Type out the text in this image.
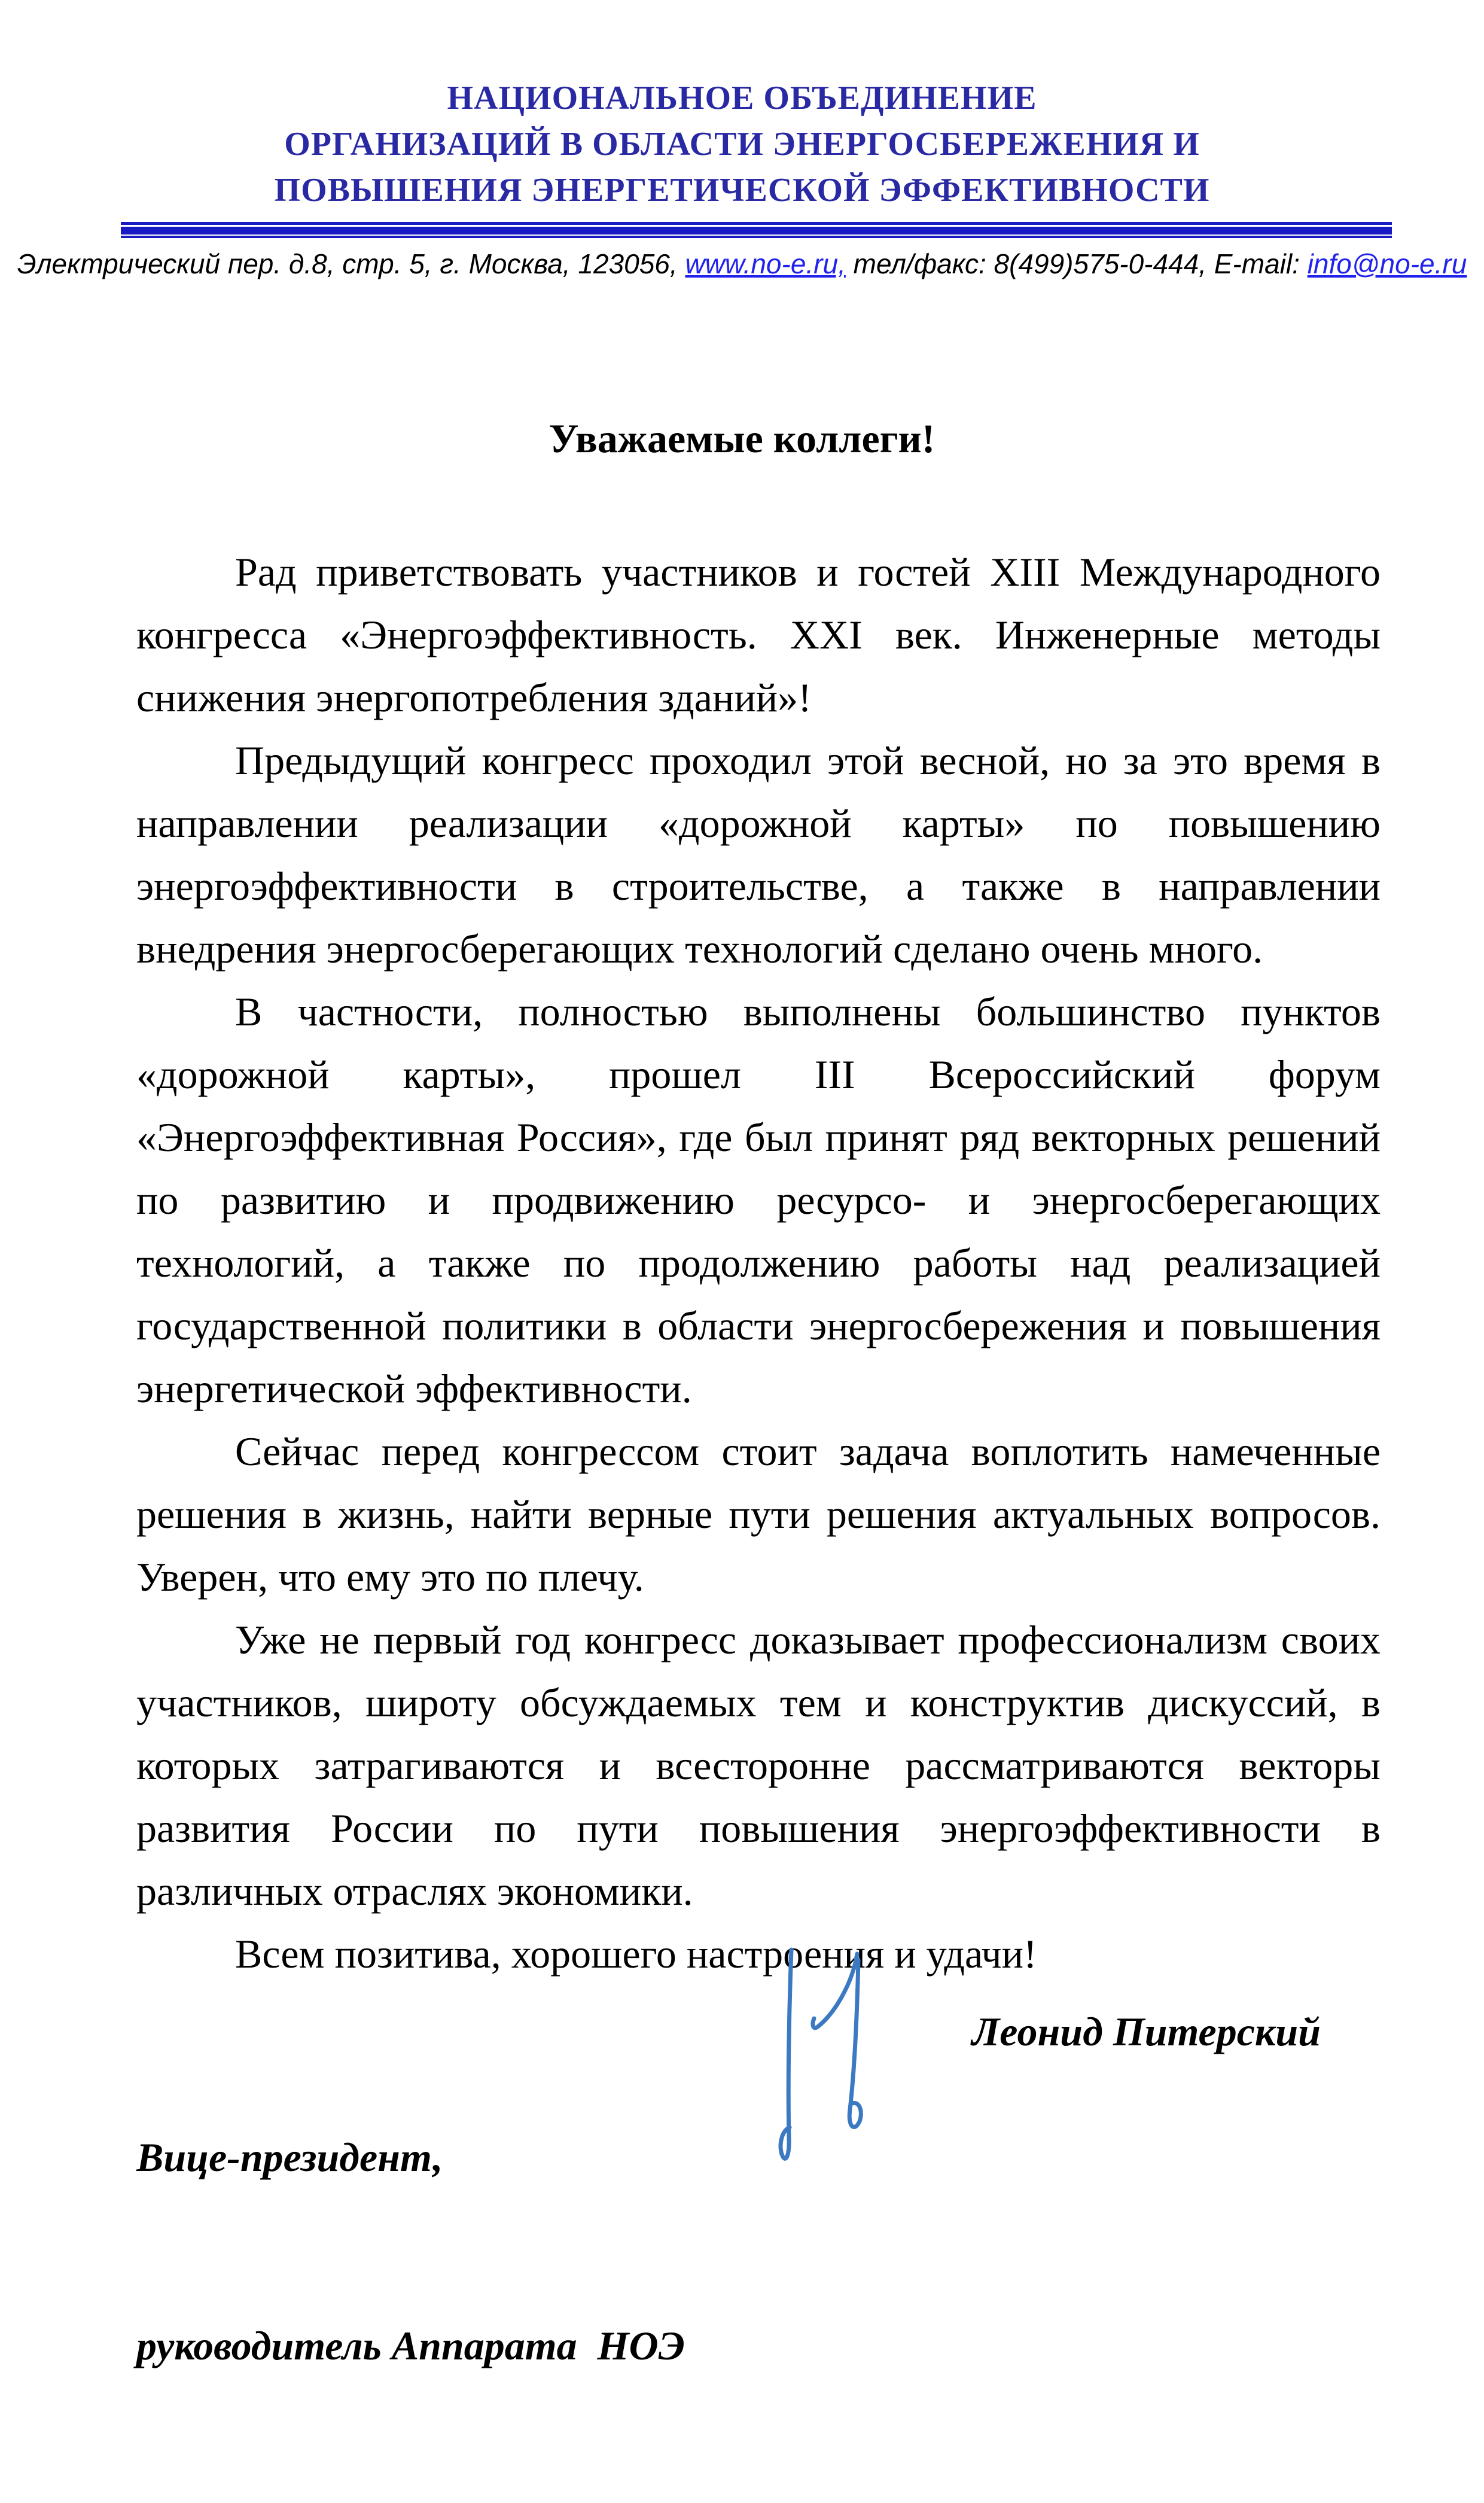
НАЦИОНАЛЬНОЕ ОБЪЕДИНЕНИЕ
ОРГАНИЗАЦИЙ В ОБЛАСТИ ЭНЕРГОСБЕРЕЖЕНИЯ И
ПОВЫШЕНИЯ ЭНЕРГЕТИЧЕСКОЙ ЭФФЕКТИВНОСТИ
Электрический пер. д.8, стр. 5, г. Москва, 123056, www.no-e.ru, тел/факс: 8(499)575-0-444, E-mail: info@no-e.ru
Уважаемые коллеги!

Рад приветствовать участников и гостей XIII Международного конгресса «Энергоэффективность. XXI век. Инженерные методы снижения энергопотребления зданий»!

Предыдущий конгресс проходил этой весной, но за это время в направлении реализации «дорожной карты» по повышению энергоэффективности в строительстве, а также в направлении внедрения энергосберегающих технологий сделано очень много.

В частности, полностью выполнены большинство пунктов «дорожной карты», прошел III Всероссийский форум «Энергоэффективная Россия», где был принят ряд векторных решений по развитию и продвижению ресурсо- и энергосберегающих технологий, а также по продолжению работы над реализацией государственной политики в области энергосбережения и повышения энергетической эффективности.

Сейчас перед конгрессом стоит задача воплотить намеченные решения в жизнь, найти верные пути решения актуальных вопросов. Уверен, что ему это по плечу.

Уже не первый год конгресс доказывает профессионализм своих участников, широту обсуждаемых тем и конструктив дискуссий, в которых затрагиваются и всесторонне рассматриваются векторы развития России по пути повышения энергоэффективности в различных отраслях экономики.

Всем позитива, хорошего настроения и удачи!

Вице-президент,

руководитель Аппарата  НОЭ

Леонид Питерский
